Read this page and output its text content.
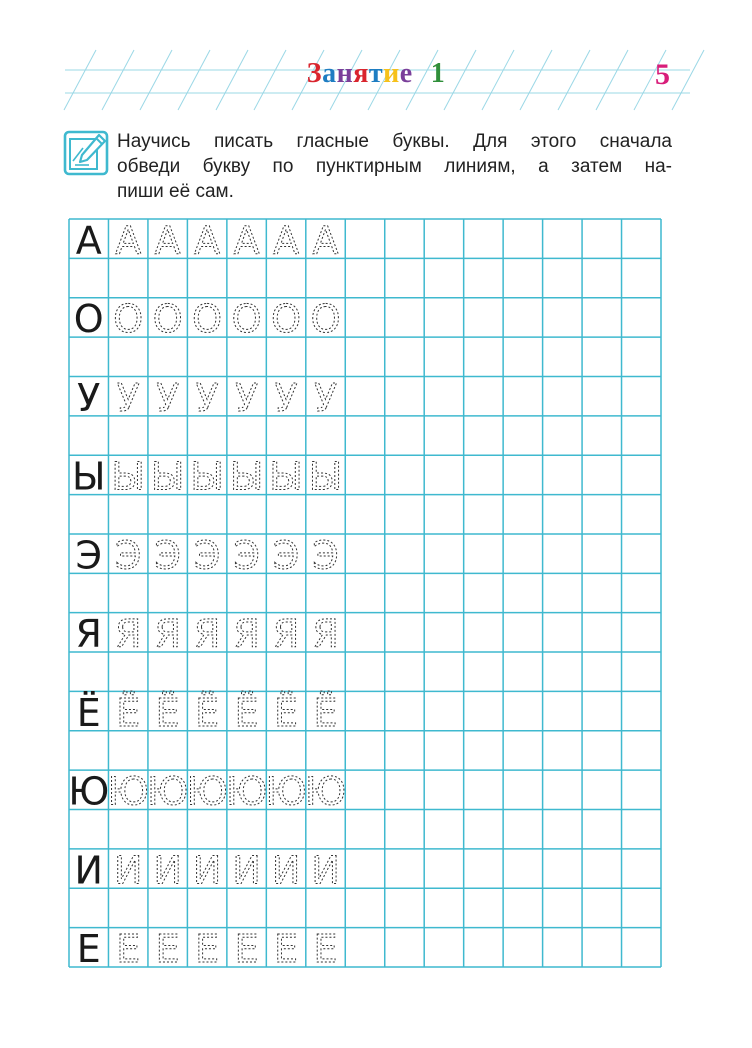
Занятие 1	5

Научись писать гласные буквы. Для этого сначала
обведи букву по пунктирным линиям, а затем на-
пиши её сам.

А А А А А А А
О О О О О О О
У У У У У У У
Ы Ы Ы Ы Ы Ы Ы
Э Э Э Э Э Э Э
Я Я Я Я Я Я Я
Ё Ё Ё Ё Ё Ё Ё
Ю
Ю
Ю
Ю
Ю
Ю
Ю
И И И И И И И
Е Е Е Е Е Е Е
